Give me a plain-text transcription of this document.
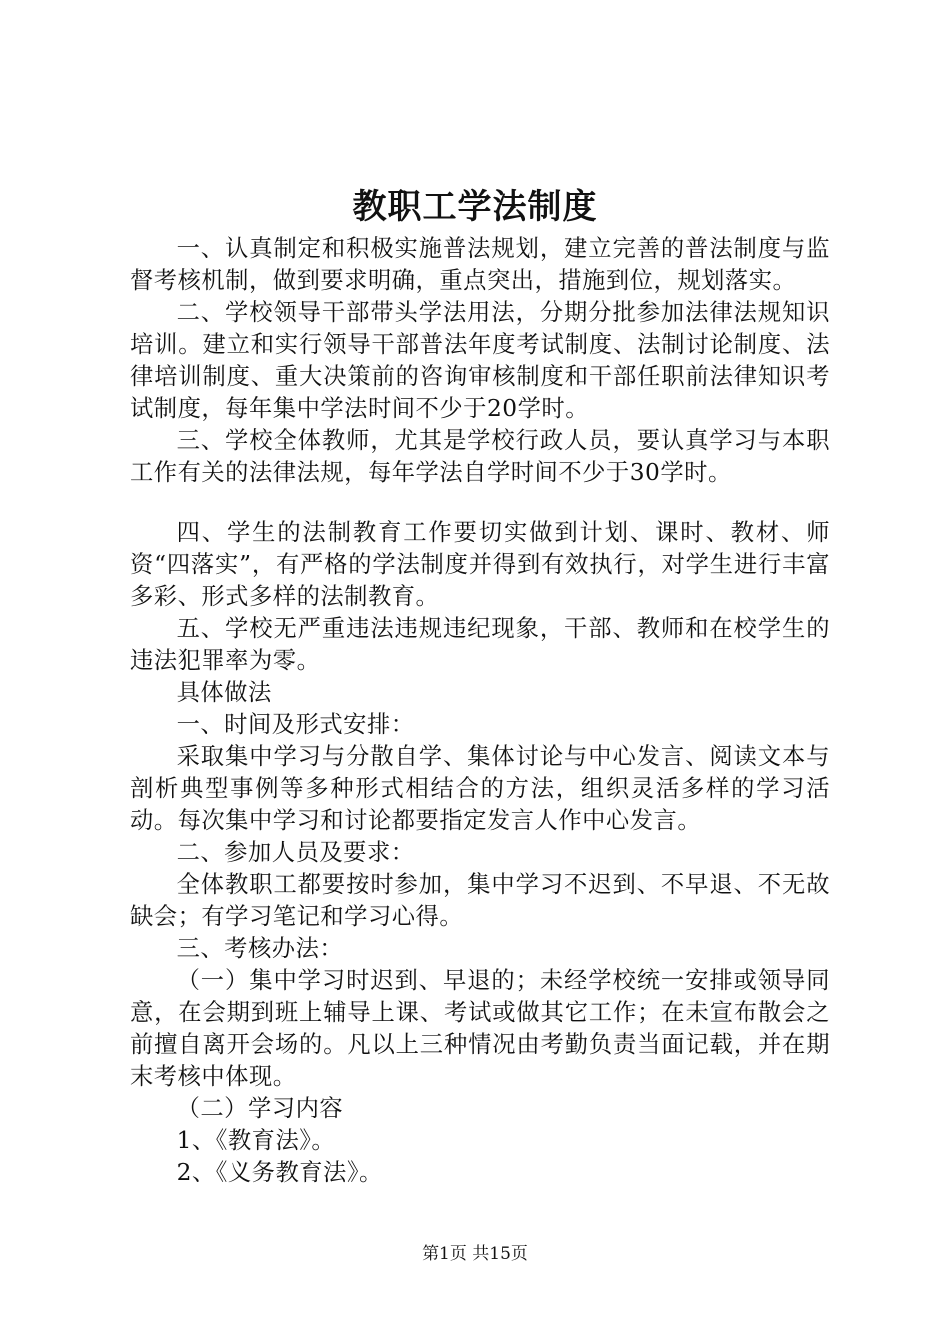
教职工学法制度

一、认真制定和积极实施普法规划，建立完善的普法制度与监督考核机制，做到要求明确，重点突出，措施到位，规划落实。

二、学校领导干部带头学法用法，分期分批参加法律法规知识培训。建立和实行领导干部普法年度考试制度、法制讨论制度、法律培训制度、重大决策前的咨询审核制度和干部任职前法律知识考试制度，每年集中学法时间不少于20学时。

三、学校全体教师，尤其是学校行政人员，要认真学习与本职工作有关的法律法规，每年学法自学时间不少于30学时。

四、学生的法制教育工作要切实做到计划、课时、教材、师资“四落实”，有严格的学法制度并得到有效执行，对学生进行丰富多彩、形式多样的法制教育。

五、学校无严重违法违规违纪现象，干部、教师和在校学生的违法犯罪率为零。

具体做法

一、时间及形式安排：

采取集中学习与分散自学、集体讨论与中心发言、阅读文本与剖析典型事例等多种形式相结合的方法，组织灵活多样的学习活动。每次集中学习和讨论都要指定发言人作中心发言。

二、参加人员及要求：

全体教职工都要按时参加，集中学习不迟到、不早退、不无故缺会；有学习笔记和学习心得。

三、考核办法：

（一）集中学习时迟到、早退的；未经学校统一安排或领导同意，在会期到班上辅导上课、考试或做其它工作；在未宣布散会之前擅自离开会场的。凡以上三种情况由考勤负责当面记载，并在期末考核中体现。

（二）学习内容

1、《教育法》。

2、《义务教育法》。

第1页 共15页
